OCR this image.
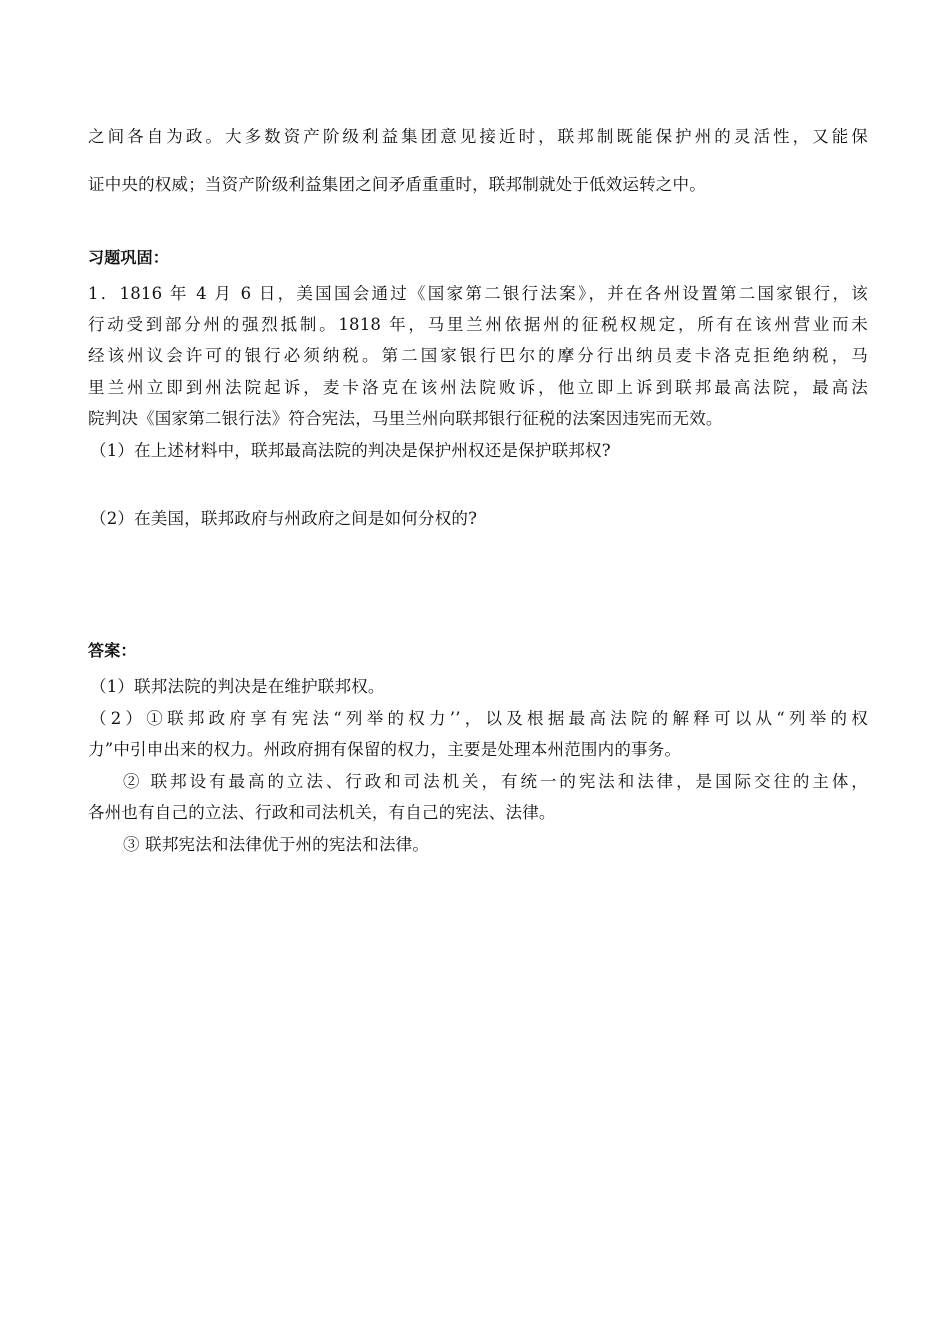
之间各自为政。大多数资产阶级利益集团意见接近时，联邦制既能保护州的灵活性，又能保
证中央的权威；当资产阶级利益集团之间矛盾重重时，联邦制就处于低效运转之中。
习题巩固：
1．1816 年 4 月 6 日，美国国会通过《国家第二银行法案》，并在各州设置第二国家银行，该
行动受到部分州的强烈抵制。1818 年，马里兰州依据州的征税权规定，所有在该州营业而未
经该州议会许可的银行必须纳税。第二国家银行巴尔的摩分行出纳员麦卡洛克拒绝纳税，马
里兰州立即到州法院起诉，麦卡洛克在该州法院败诉，他立即上诉到联邦最高法院，最高法
院判决《国家第二银行法》符合宪法，马里兰州向联邦银行征税的法案因违宪而无效。
（1）在上述材料中，联邦最高法院的判决是保护州权还是保护联邦权?
（2）在美国，联邦政府与州政府之间是如何分权的?
答案：
（1）联邦法院的判决是在维护联邦权。
（2）①联邦政府享有宪法“列举的权力’’，以及根据最高法院的解释可以从“列举的权
力”中引申出来的权力。州政府拥有保留的权力，主要是处理本州范围内的事务。
② 联邦设有最高的立法、行政和司法机关，有统一的宪法和法律，是国际交往的主体，
各州也有自己的立法、行政和司法机关，有自己的宪法、法律。
③ 联邦宪法和法律优于州的宪法和法律。
